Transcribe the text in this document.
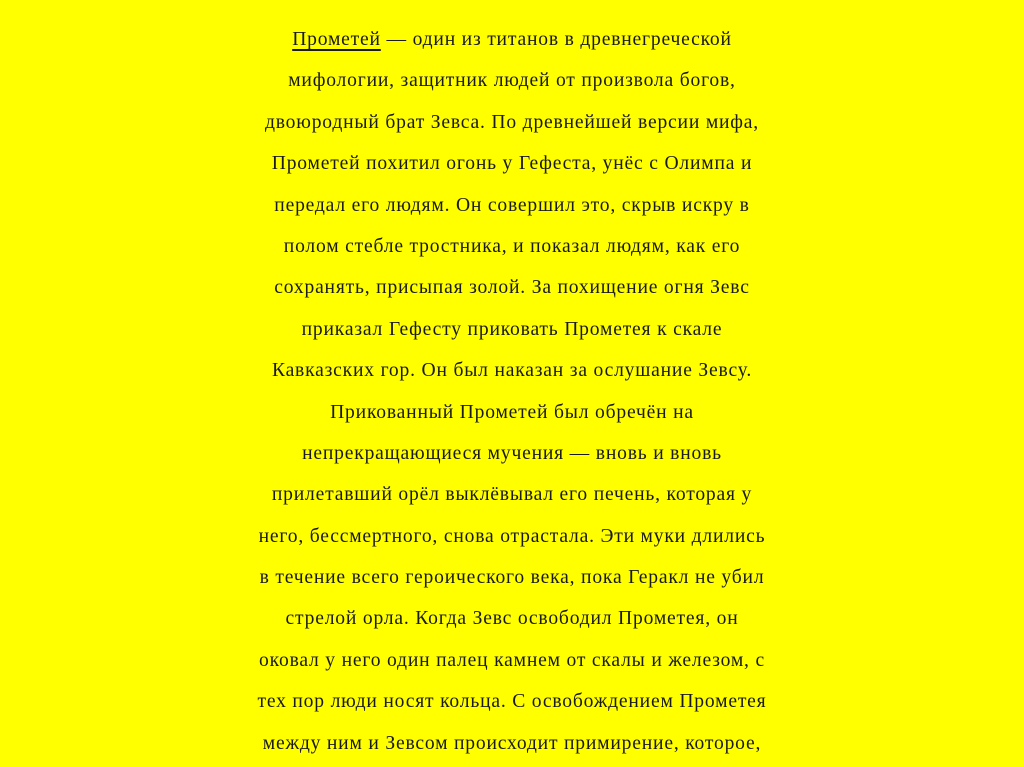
Прометей — один из титанов в древнегреческой
мифологии, защитник людей от произвола богов,
двоюродный брат Зевса. По древнейшей версии мифа,
Прометей похитил огонь у Гефеста, унёс с Олимпа и
передал его людям. Он совершил это, скрыв искру в
полом стебле тростника, и показал людям, как его
сохранять, присыпая золой. За похищение огня Зевс
приказал Гефесту приковать Прометея к скале
Кавказских гор. Он был наказан за ослушание Зевсу.
Прикованный Прометей был обречён на
непрекращающиеся мучения — вновь и вновь
прилетавший орёл выклёвывал его печень, которая у
него, бессмертного, снова отрастала. Эти муки длились
в течение всего героического века, пока Геракл не убил
стрелой орла. Когда Зевс освободил Прометея, он
оковал у него один палец камнем от скалы и железом, с
тех пор люди носят кольца. С освобождением Прометея
между ним и Зевсом происходит примирение, которое,
